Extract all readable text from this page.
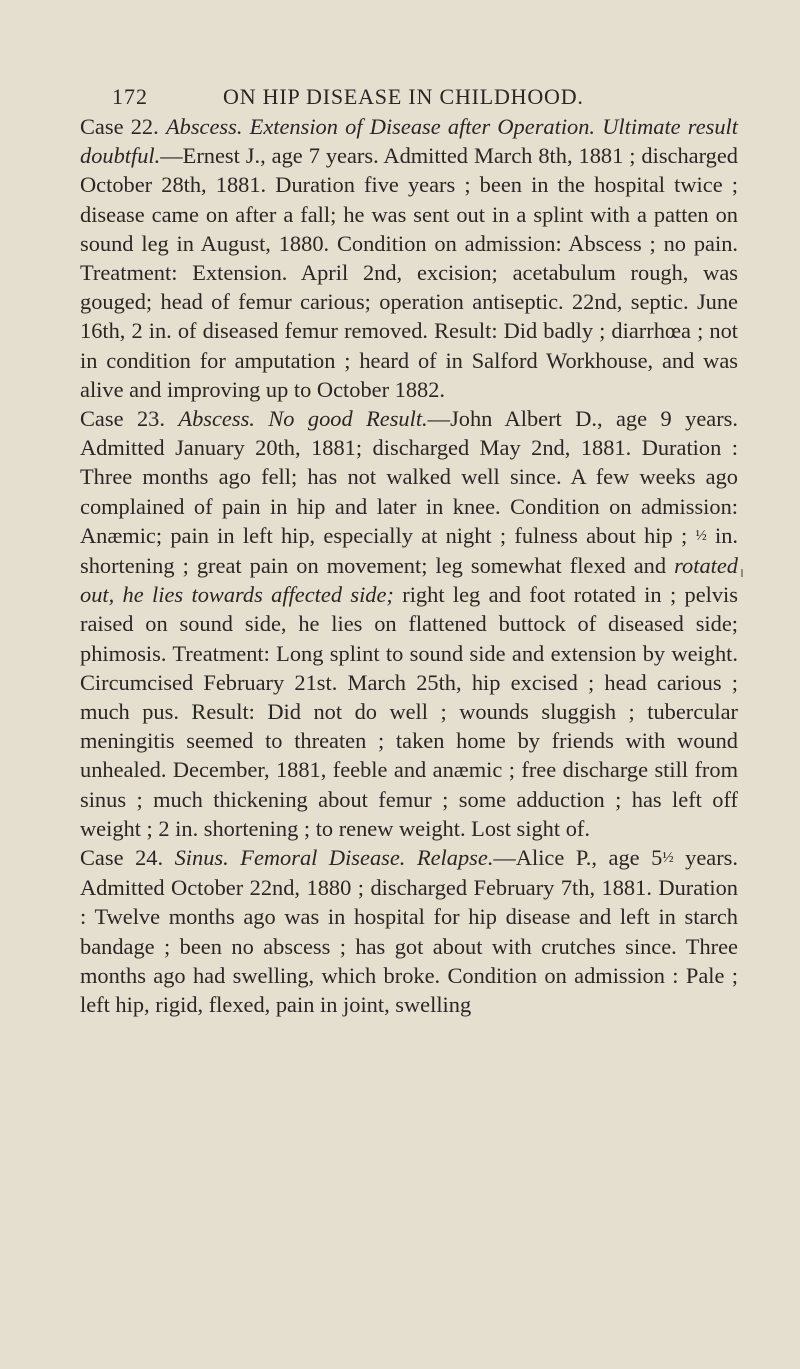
172	ON HIP DISEASE IN CHILDHOOD.

Case 22. Abscess. Extension of Disease after Operation. Ultimate result doubtful.—Ernest J., age 7 years. Admitted March 8th, 1881 ; discharged October 28th, 1881. Duration five years ; been in the hospital twice ; disease came on after a fall; he was sent out in a splint with a patten on sound leg in August, 1880. Condition on admission: Abscess ; no pain. Treatment: Extension. April 2nd, excision; acetabulum rough, was gouged; head of femur carious; operation antiseptic. 22nd, septic. June 16th, 2 in. of diseased femur removed. Result: Did badly ; diarrhœa ; not in condition for amputation ; heard of in Salford Workhouse, and was alive and improving up to October 1882.

Case 23. Abscess. No good Result.—John Albert D., age 9 years. Admitted January 20th, 1881; discharged May 2nd, 1881. Duration : Three months ago fell; has not walked well since. A few weeks ago complained of pain in hip and later in knee. Condition on admission: Anæmic; pain in left hip, especially at night ; fulness about hip ; ½ in. shortening ; great pain on movement; leg somewhat flexed and rotated out, he lies towards affected side; right leg and foot rotated in ; pelvis raised on sound side, he lies on flattened buttock of diseased side; phimosis. Treatment: Long splint to sound side and extension by weight. Circumcised February 21st. March 25th, hip excised ; head carious ; much pus. Result: Did not do well ; wounds sluggish ; tubercular meningitis seemed to threaten ; taken home by friends with wound unhealed. December, 1881, feeble and anæmic ; free discharge still from sinus ; much thickening about femur ; some adduction ; has left off weight ; 2 in. shortening ; to renew weight. Lost sight of.

Case 24. Sinus. Femoral Disease. Relapse.—Alice P., age 5½ years. Admitted October 22nd, 1880 ; discharged February 7th, 1881. Duration : Twelve months ago was in hospital for hip disease and left in starch bandage ; been no abscess ; has got about with crutches since. Three months ago had swelling, which broke. Condition on admission : Pale ; left hip, rigid, flexed, pain in joint, swelling
